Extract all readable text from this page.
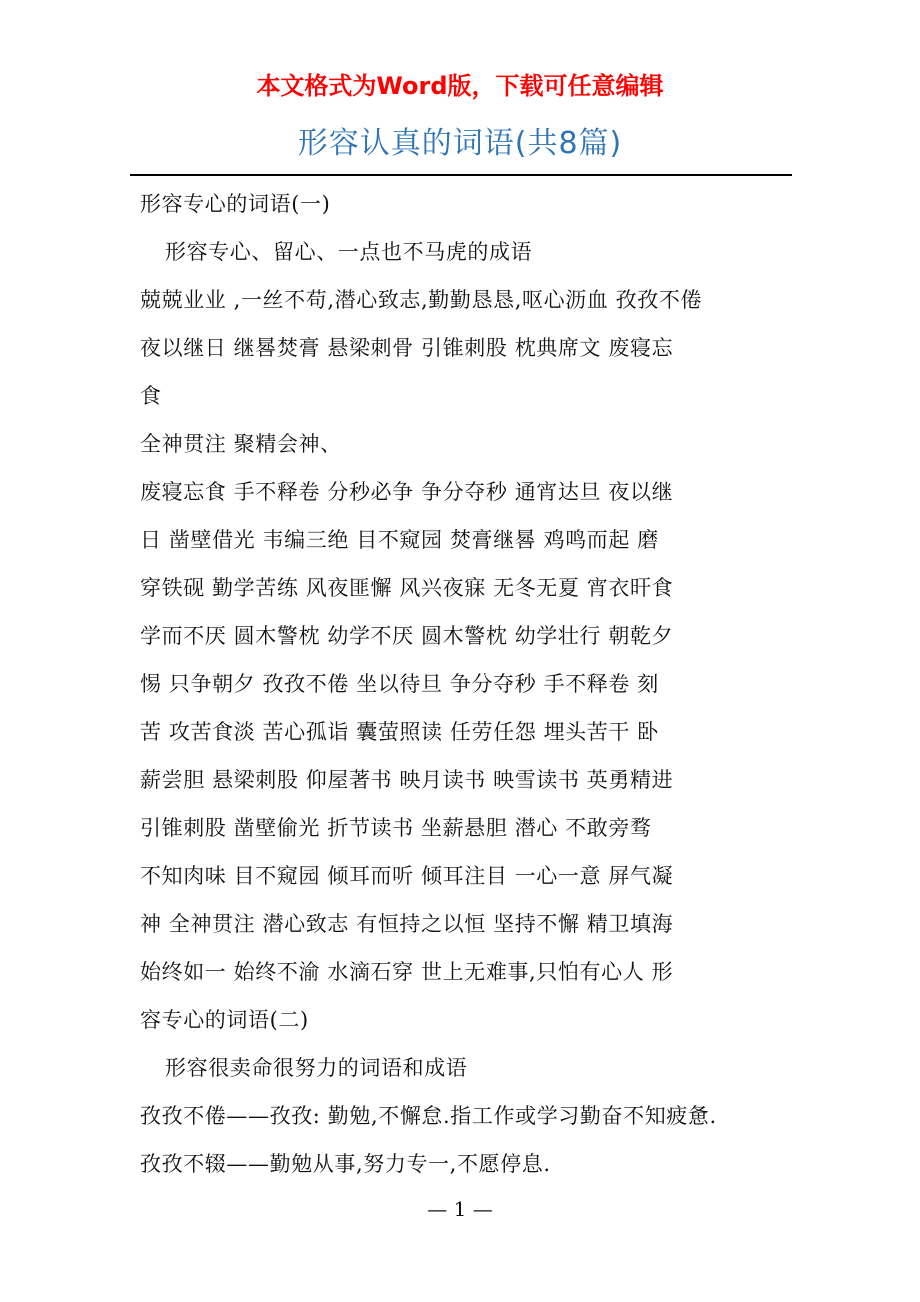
本文格式为Word版，下载可任意编辑
形容认真的词语(共8篇)
形容专心的词语(一)
形容专心、留心、一点也不马虎的成语
兢兢业业 ,一丝不苟,潜心致志,勤勤恳恳,呕心沥血 孜孜不倦
夜以继日 继晷焚膏 悬梁刺骨 引锥刺股 枕典席文 废寝忘
食
全神贯注 聚精会神、
废寝忘食 手不释卷 分秒必争 争分夺秒 通宵达旦 夜以继
日 凿壁借光 韦编三绝 目不窥园 焚膏继晷 鸡鸣而起 磨
穿铁砚 勤学苦练 风夜匪懈 风兴夜寐 无冬无夏 宵衣旰食
学而不厌 圆木警枕 幼学不厌 圆木警枕 幼学壮行 朝乾夕
惕 只争朝夕 孜孜不倦 坐以待旦 争分夺秒 手不释卷 刻
苦 攻苦食淡 苦心孤诣 囊萤照读 任劳任怨 埋头苦干 卧
薪尝胆 悬梁刺股 仰屋著书 映月读书 映雪读书 英勇精进
引锥刺股 凿壁偷光 折节读书 坐薪悬胆 潜心 不敢旁骛
不知肉味 目不窥园 倾耳而听 倾耳注目 一心一意 屏气凝
神 全神贯注 潜心致志 有恒持之以恒 坚持不懈 精卫填海
始终如一 始终不渝 水滴石穿 世上无难事,只怕有心人 形
容专心的词语(二)
形容很卖命很努力的词语和成语
孜孜不倦——孜孜: 勤勉,不懈怠.指工作或学习勤奋不知疲惫.
孜孜不辍——勤勉从事,努力专一,不愿停息.
— 1 —
